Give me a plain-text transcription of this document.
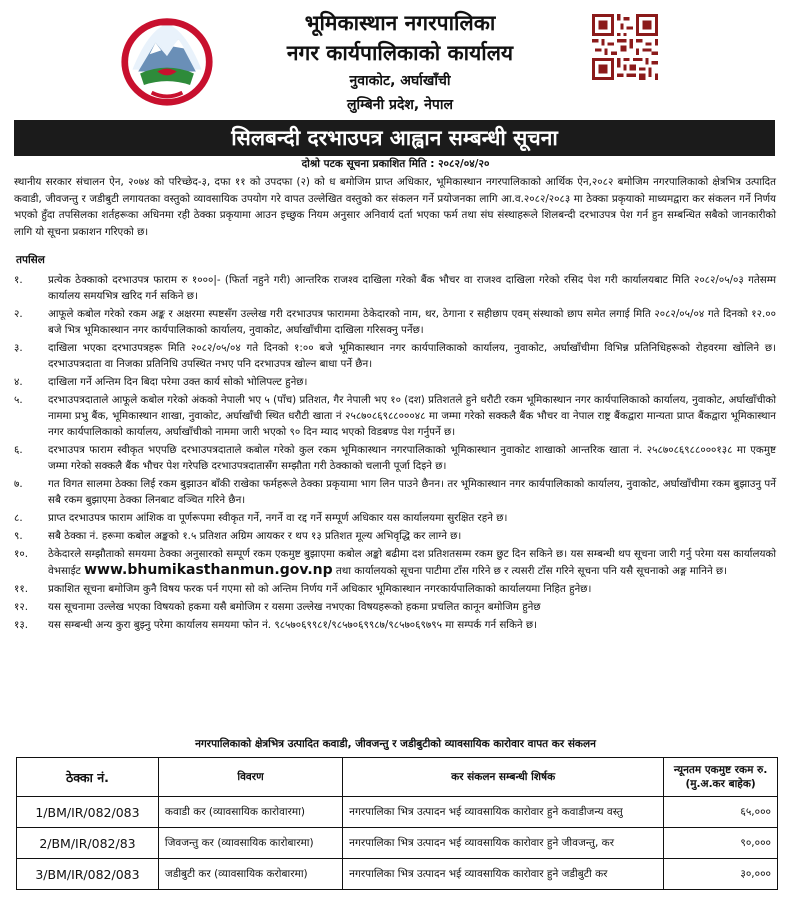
भूमिकास्थान नगरपालिका
नगर कार्यपालिकाको कार्यालय
नुवाकोट, अर्घाखाँची
लुम्बिनी प्रदेश, नेपाल
सिलबन्दी दरभाउपत्र आह्वान सम्बन्धी सूचना
दोश्रो पटक सूचना प्रकाशित मिति : २०८२/०४/२०
स्थानीय सरकार संचालन ऐन, २०७४ को परिच्छेद-३, दफा ११ को उपदफा (२) को ध बमोजिम प्राप्त अधिकार, भूमिकास्थान नगरपालिकाको आर्थिक ऐन,२०८२ बमोजिम नगरपालिकाको क्षेत्रभित्र उत्पादित कवाडी, जीवजन्तु र जडीबुटी लगायतका वस्तुको व्यावसायिक उपयोग गरे वापत उल्लेखित वस्तुको कर संकलन गर्ने प्रयोजनका लागि आ.व.२०८२/२०८३ मा ठेक्का प्रकृयाको माध्यमद्वारा कर संकलन गर्ने निर्णय भएको हुँदा तपसिलका शर्तहरूका अधिनमा रही ठेक्का प्रकृयामा आउन इच्छुक नियम अनुसार अनिवार्य दर्ता भएका फर्म तथा संघ संस्थाहरूले शिलबन्दी दरभाउपत्र पेश गर्न हुन सम्बन्धित सबैको जानकारीको लागि यो सूचना प्रकाशन गरिएको छ।
तपसिल
१.	प्रत्येक ठेक्काको दरभाउपत्र फाराम रु १०००|- (फिर्ता नहुने गरी) आन्तरिक राजश्व दाखिला गरेको बैंक भौचर वा राजश्व दाखिला गरेको रसिद पेश गरी कार्यालयबाट मिति २०८२/०५/०३ गतेसम्म कार्यालय समयभित्र खरिद गर्न सकिने छ।
२.	आफूले कबोल गरेको रकम अङ्क र अक्षरमा स्पष्टसँग उल्लेख गरी दरभाउपत्र फाराममा ठेकेदारको नाम, थर, ठेगाना र सहीछाप एवम् संस्थाको छाप समेत लगाई मिति २०८२/०५/०४ गते दिनको १२.०० बजे भित्र भूमिकास्थान नगर कार्यपालिकाको कार्यालय, नुवाकोट, अर्घाखाँचीमा दाखिला गरिसक्नु पर्नेछ।
३.	दाखिला भएका दरभाउपत्रहरू मिति २०८२/०५/०४ गते दिनको १:०० बजे भूमिकास्थान नगर कार्यपालिकाको कार्यालय, नुवाकोट, अर्घाखाँचीमा विभिन्न प्रतिनिधिहरूको रोहवरमा खोलिने छ। दरभाउपत्रदाता वा निजका प्रतिनिधि उपस्थित नभए पनि दरभाउपत्र खोल्न बाधा पर्ने छैन।
४.	दाखिला गर्ने अन्तिम दिन बिदा परेमा उक्त कार्य सोको भोलिपल्ट हुनेछ।
५.	दरभाउपत्रदाताले आफूले कबोल गरेको अंकको नेपाली भए ५ (पाँच) प्रतिशत, गैर नेपाली भए १० (दश) प्रतिशतले हुने धरौटी रकम भूमिकास्थान नगर कार्यपालिकाको कार्यालय, नुवाकोट, अर्घाखाँचीको नाममा प्रभु बैंक, भूमिकास्थान शाखा, नुवाकोट, अर्घाखाँची स्थित धरौटी खाता नं २५८७०८६९८८०००४८ मा जम्मा गरेको सक्कलै बैंक भौचर वा नेपाल राष्ट्र बैंकद्वारा मान्यता प्राप्त बैंकद्वारा भूमिकास्थान नगर कार्यपालिकाको कार्यालय, अर्घाखाँचीको नाममा जारी भएको ९० दिन म्याद भएको विडबण्ड पेश गर्नुपर्ने छ।
६.	दरभाउपत्र फाराम स्वीकृत भएपछि दरभाउपत्रदाताले कबोल गरेको कुल रकम भूमिकास्थान नगरपालिकाको भूमिकास्थान नुवाकोट शाखाको आन्तरिक खाता नं. २५८७०८६९८८०००१३८ मा एकमुष्ट जम्मा गरेको सक्कलै बैंक भौचर पेश गरेपछि दरभाउपत्रदातासँग सम्झौता गरी ठेक्काको चलानी पूर्जा दिइने छ।
७.	गत विगत सालमा ठेक्का लिई रकम बुझाउन बाँकी राखेका फर्महरूले ठेक्का प्रकृयामा भाग लिन पाउने छैनन। तर भूमिकास्थान नगर कार्यपालिकाको कार्यालय, नुवाकोट, अर्घाखाँचीमा रकम बुझाउनु पर्ने सबै रकम बुझाएमा ठेक्का लिनबाट वञ्चित गरिने छैन।
८.	प्राप्त दरभाउपत्र फाराम आंशिक वा पूर्णरूपमा स्वीकृत गर्ने, नगर्ने वा रद्द गर्ने सम्पूर्ण अधिकार यस कार्यालयमा सुरक्षित रहने छ।
९.	सबै ठेक्का नं. हरूमा कबोल अङ्कको १.५ प्रतिशत अग्रिम आयकर र थप १३ प्रतिशत मूल्य अभिवृद्धि कर लाग्ने छ।
१०.	ठेकेदारले सम्झौताको समयमा ठेक्का अनुसारको सम्पूर्ण रकम एकमुष्ट बुझाएमा कबोल अङ्को बढीमा दश प्रतिशतसम्म रकम छुट दिन सकिने छ। यस सम्बन्धी थप सूचना जारी गर्नु परेमा यस कार्यालयको वेभसाईट www.bhumikasthanmun.gov.np तथा कार्यालयको सूचना पाटीमा टाँस गरिने छ र त्यसरी टाँस गरिने सूचना पनि यसै सूचनाको अङ्ग मानिने छ।
११.	प्रकाशित सूचना बमोजिम कुनै विषय फरक पर्न गएमा सो को अन्तिम निर्णय गर्ने अधिकार भूमिकास्थान नगरकार्यपालिकाको कार्यालयमा निहित हुनेछ।
१२.	यस सूचनामा उल्लेख भएका विषयको हकमा यसै बमोजिम र यसमा उल्लेख नभएका विषयहरूको हकमा प्रचलित कानून बमोजिम हुनेछ
१३.	यस सम्बन्धी अन्य कुरा बुझ्नु परेमा कार्यालय समयमा फोन नं. ९८५७०६९९८१/९८५७०६९९८७/९८५७०६९७९५ मा सम्पर्क गर्न सकिने छ।
नगरपालिकाको क्षेत्रभित्र उत्पादित कवाडी, जीवजन्तु र जडीबुटीको व्यावसायिक कारोवार वापत कर संकलन
ठेक्का नं.	विवरण	कर संकलन सम्बन्धी शिर्षक	न्यूनतम एकमुष्ट रकम रु. (मु.अ.कर बाहेक)
1/BM/IR/082/083	कवाडी कर (व्यावसायिक कारोवारमा)	नगरपालिका भित्र उत्पादन भई व्यावसायिक कारोवार हुने कवाडीजन्य वस्तु	६५,०००
2/BM/IR/082/83	जिवजन्तु कर (व्यावसायिक कारोबारमा)	नगरपालिका भित्र उत्पादन भई व्यावसायिक कारोवार हुने जीवजन्तु, कर	९०,०००
3/BM/IR/082/083	जडीबुटी कर (व्यावसायिक करोबारमा)	नगरपालिका भित्र उत्पादन भई व्यावसायिक कारोवार हुने जडीबुटी कर	३०,०००
